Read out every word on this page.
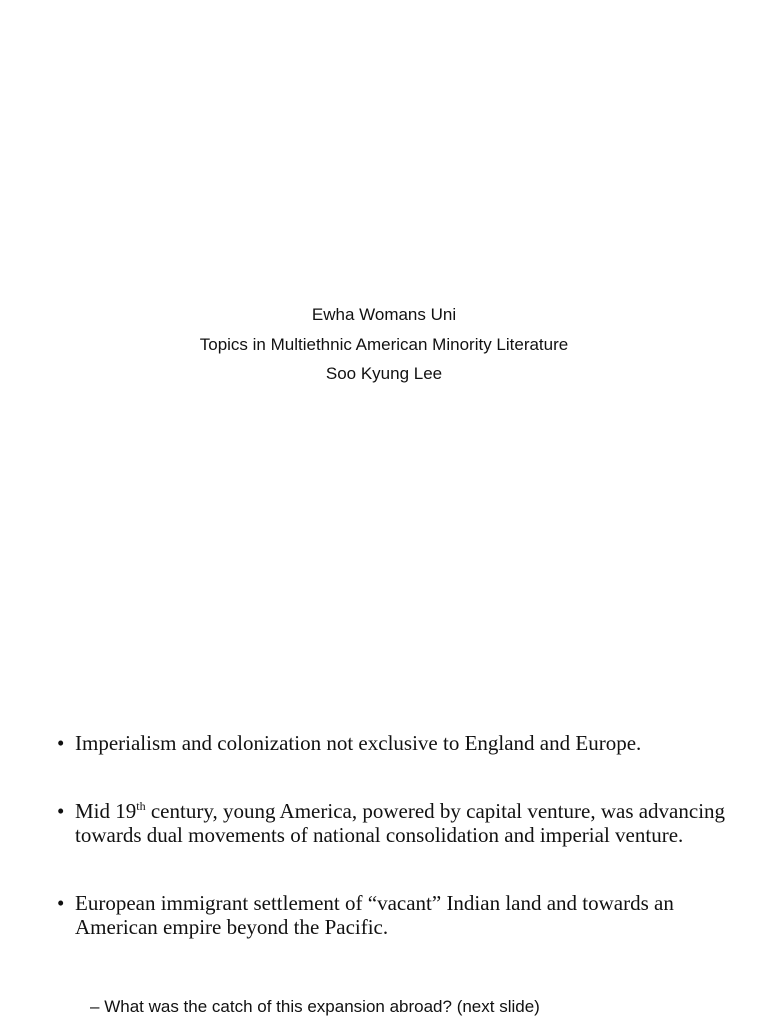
Ewha Womans Uni
Topics in Multiethnic American Minority Literature
Soo Kyung Lee
• Imperialism and colonization not exclusive to England and Europe.
• Mid 19th century, young America, powered by capital venture, was advancing towards dual movements of national consolidation and imperial venture.
• European immigrant settlement of “vacant” Indian land and towards an American empire beyond the Pacific.
– What was the catch of this expansion abroad? (next slide)
